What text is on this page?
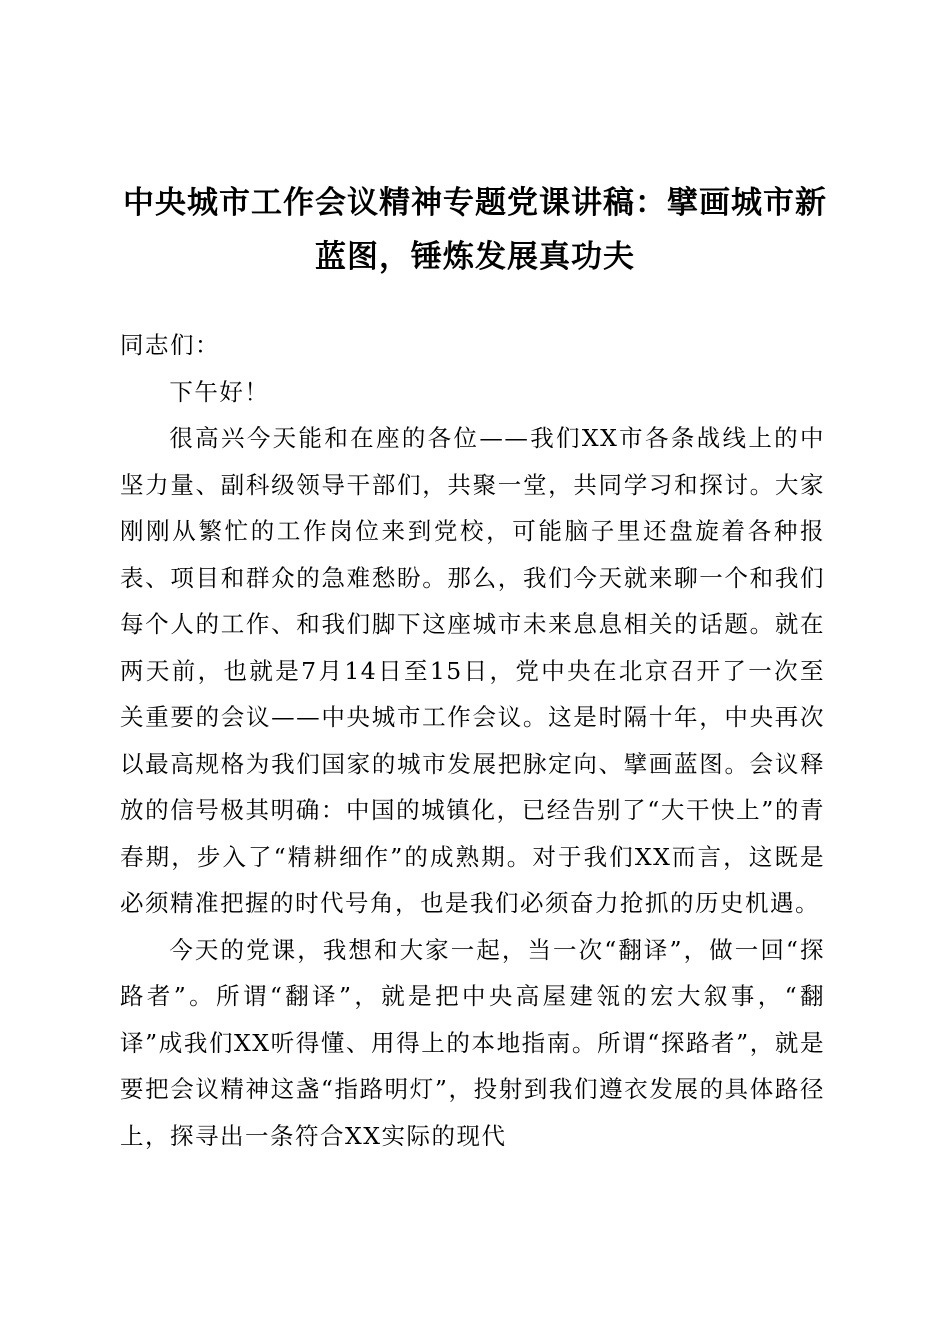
中央城市工作会议精神专题党课讲稿：擘画城市新蓝图，锤炼发展真功夫

同志们：

下午好！

很高兴今天能和在座的各位——我们XX市各条战线上的中坚力量、副科级领导干部们，共聚一堂，共同学习和探讨。大家刚刚从繁忙的工作岗位来到党校，可能脑子里还盘旋着各种报表、项目和群众的急难愁盼。那么，我们今天就来聊一个和我们每个人的工作、和我们脚下这座城市未来息息相关的话题。就在两天前，也就是7月14日至15日，党中央在北京召开了一次至关重要的会议——中央城市工作会议。这是时隔十年，中央再次以最高规格为我们国家的城市发展把脉定向、擘画蓝图。会议释放的信号极其明确：中国的城镇化，已经告别了“大干快上”的青春期，步入了“精耕细作”的成熟期。对于我们XX而言，这既是必须精准把握的时代号角，也是我们必须奋力抢抓的历史机遇。

今天的党课，我想和大家一起，当一次“翻译”，做一回“探路者”。所谓“翻译”，就是把中央高屋建瓴的宏大叙事，“翻译”成我们XX听得懂、用得上的本地指南。所谓“探路者”，就是要把会议精神这盏“指路明灯”，投射到我们遵衣发展的具体路径上，探寻出一条符合XX实际的现代
